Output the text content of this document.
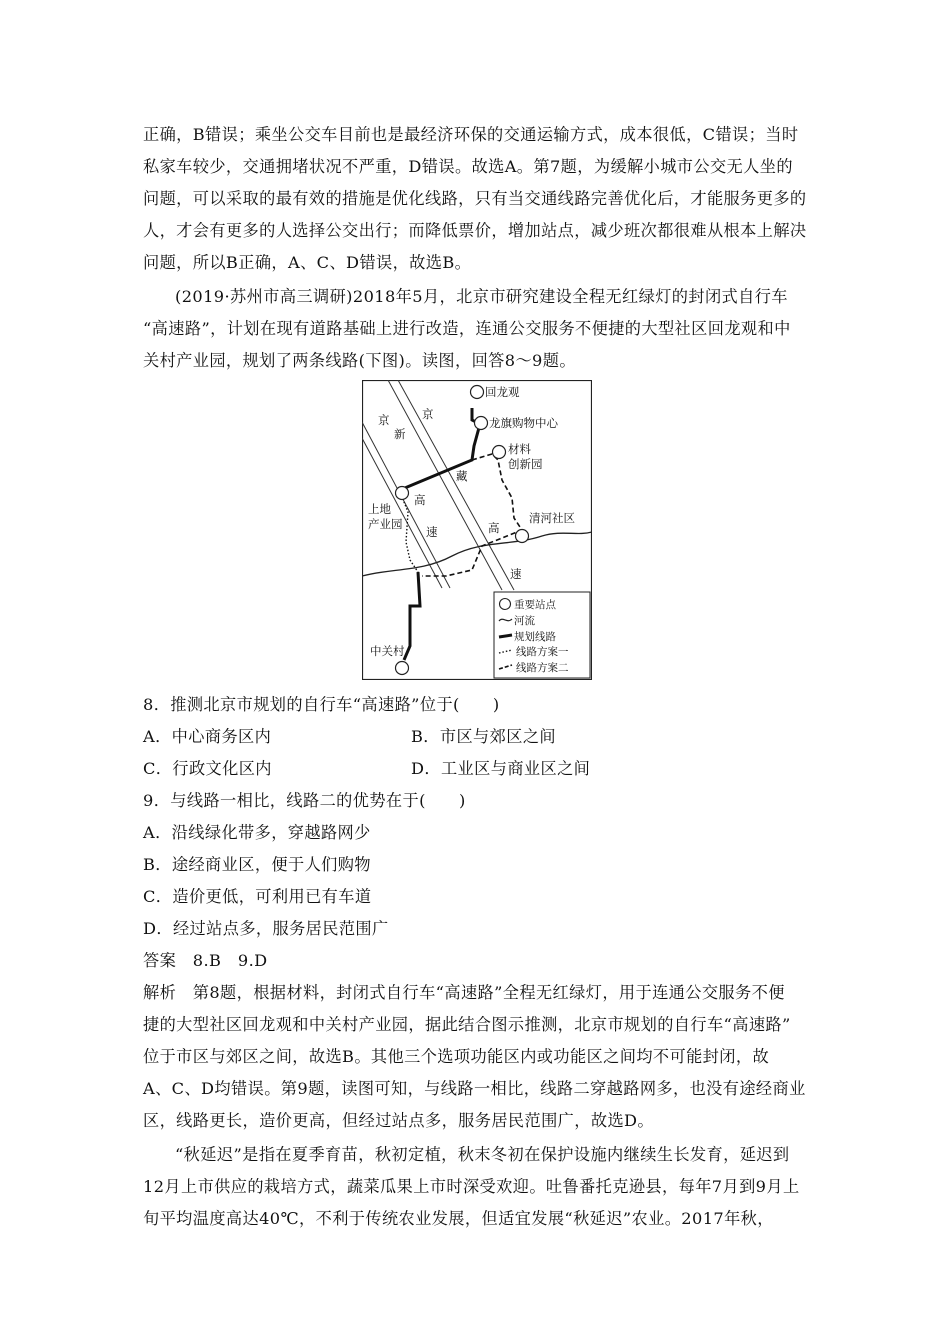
正确，B错误；乘坐公交车目前也是最经济环保的交通运输方式，成本很低，C错误；当时
私家车较少，交通拥堵状况不严重，D错误。故选A。第7题，为缓解小城市公交无人坐的
问题，可以采取的最有效的措施是优化线路，只有当交通线路完善优化后，才能服务更多的
人，才会有更多的人选择公交出行；而降低票价，增加站点，减少班次都很难从根本上解决
问题，所以B正确，A、C、D错误，故选B。
(2019·苏州市高三调研)2018年5月，北京市研究建设全程无红绿灯的封闭式自行车
“高速路”，计划在现有道路基础上进行改造，连通公交服务不便捷的大型社区回龙观和中
关村产业园，规划了两条线路(下图)。读图，回答8～9题。
京
新
高
速
京
藏
高
速
回龙观
龙旗购物中心
材料
创新园
上地
产业园	清河社区
中关村
重要站点
河流
规划线路
线路方案一
线路方案二
8．推测北京市规划的自行车“高速路”位于(　　)
A．中心商务区内	B．市区与郊区之间
C．行政文化区内	D．工业区与商业区之间
9．与线路一相比，线路二的优势在于(　　)
A．沿线绿化带多，穿越路网少
B．途经商业区，便于人们购物
C．造价更低，可利用已有车道
D．经过站点多，服务居民范围广
答案　8.B　9.D
解析　第8题，根据材料，封闭式自行车“高速路”全程无红绿灯，用于连通公交服务不便
捷的大型社区回龙观和中关村产业园，据此结合图示推测，北京市规划的自行车“高速路”
位于市区与郊区之间，故选B。其他三个选项功能区内或功能区之间均不可能封闭，故
A、C、D均错误。第9题，读图可知，与线路一相比，线路二穿越路网多，也没有途经商业
区，线路更长，造价更高，但经过站点多，服务居民范围广，故选D。
“秋延迟”是指在夏季育苗，秋初定植，秋末冬初在保护设施内继续生长发育，延迟到
12月上市供应的栽培方式，蔬菜瓜果上市时深受欢迎。吐鲁番托克逊县，每年7月到9月上
旬平均温度高达40℃，不利于传统农业发展，但适宜发展“秋延迟”农业。2017年秋，
